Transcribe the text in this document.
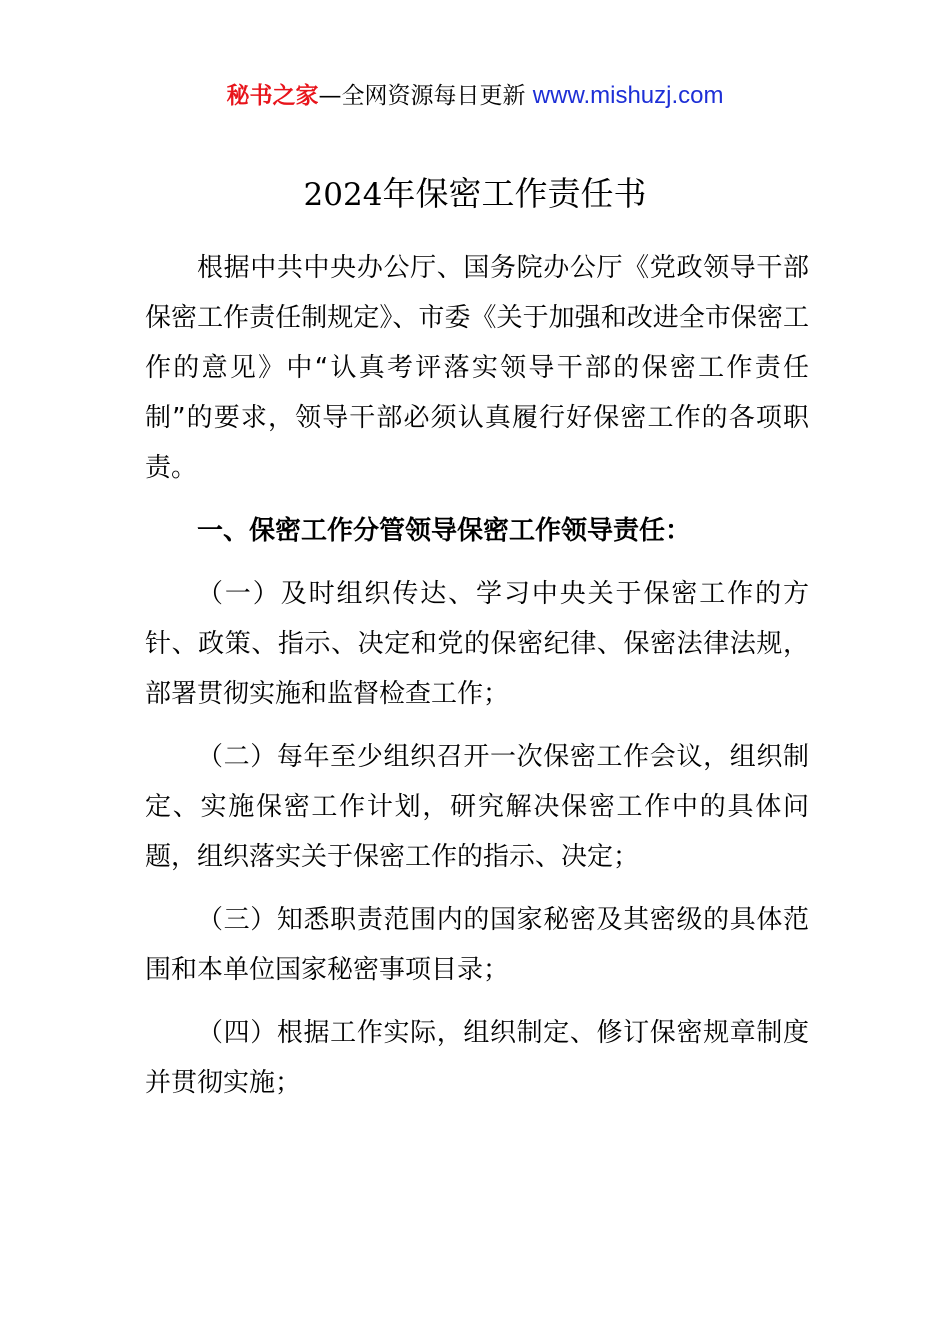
秘书之家—全网资源每日更新 www.mishuzj.com
2024年保密工作责任书

根据中共中央办公厅、国务院办公厅《党政领导干部保密工作责任制规定》、市委《关于加强和改进全市保密工作的意见》中“认真考评落实领导干部的保密工作责任制”的要求，领导干部必须认真履行好保密工作的各项职责。

一、保密工作分管领导保密工作领导责任：

（一）及时组织传达、学习中央关于保密工作的方针、政策、指示、决定和党的保密纪律、保密法律法规，部署贯彻实施和监督检查工作；

（二）每年至少组织召开一次保密工作会议，组织制定、实施保密工作计划，研究解决保密工作中的具体问题，组织落实关于保密工作的指示、决定；

（三）知悉职责范围内的国家秘密及其密级的具体范围和本单位国家秘密事项目录；

（四）根据工作实际，组织制定、修订保密规章制度并贯彻实施；
